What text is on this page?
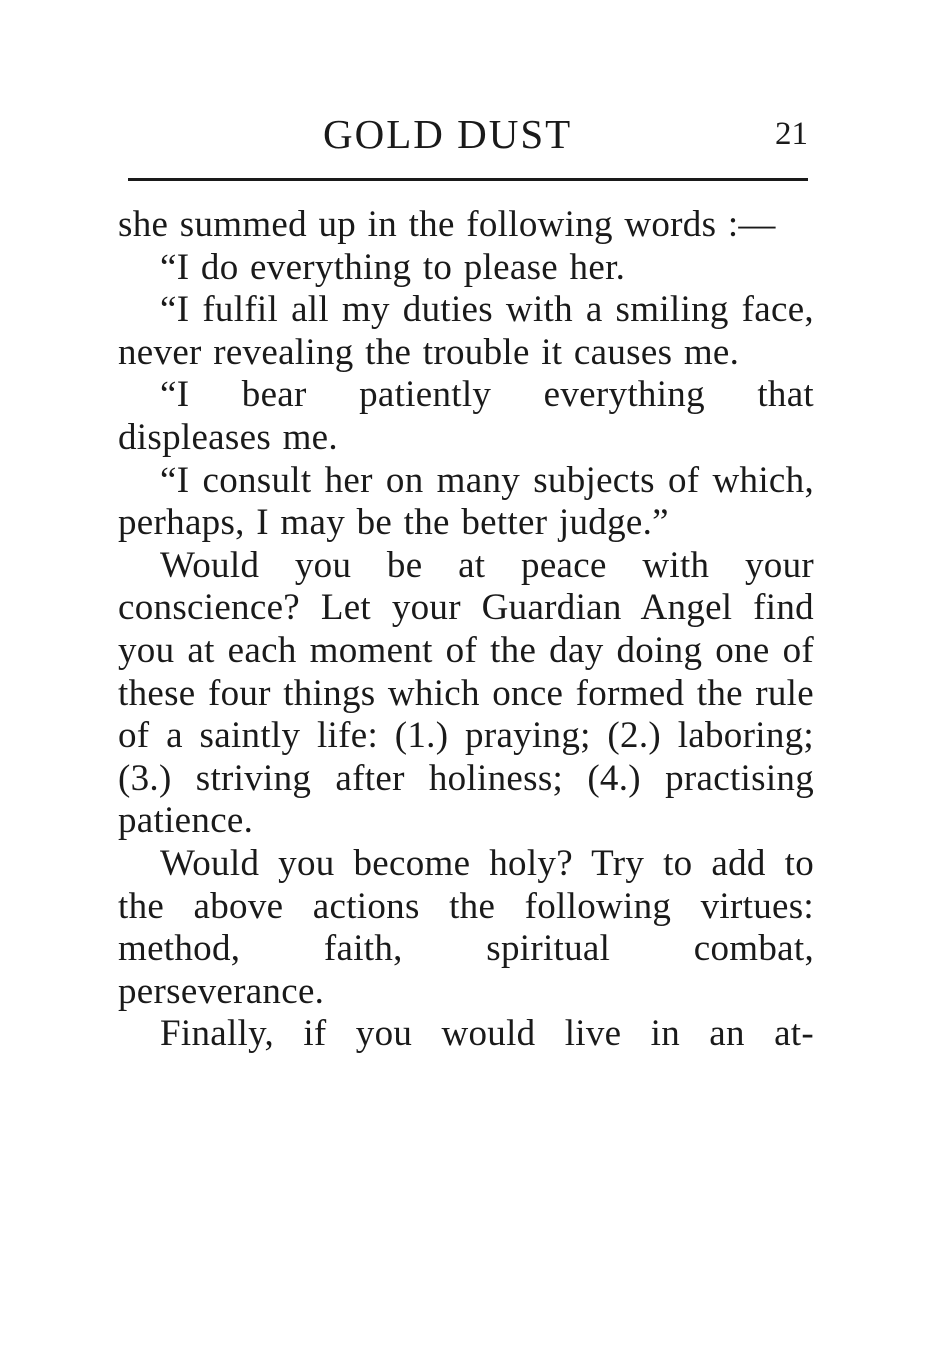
GOLD DUST	21

she summed up in the following words :—

“I do everything to please her.

“I fulfil all my duties with a smiling face, never revealing the trouble it causes me.

“I bear patiently everything that displeases me.

“I consult her on many subjects of which, perhaps, I may be the better judge.”

Would you be at peace with your conscience? Let your Guardian Angel find you at each moment of the day doing one of these four things which once formed the rule of a saintly life: (1.) praying; (2.) laboring; (3.) striving after holiness; (4.) practising patience.

Would you become holy? Try to add to the above actions the following virtues: method, faith, spiritual combat, perseverance.

Finally, if you would live in an at-
